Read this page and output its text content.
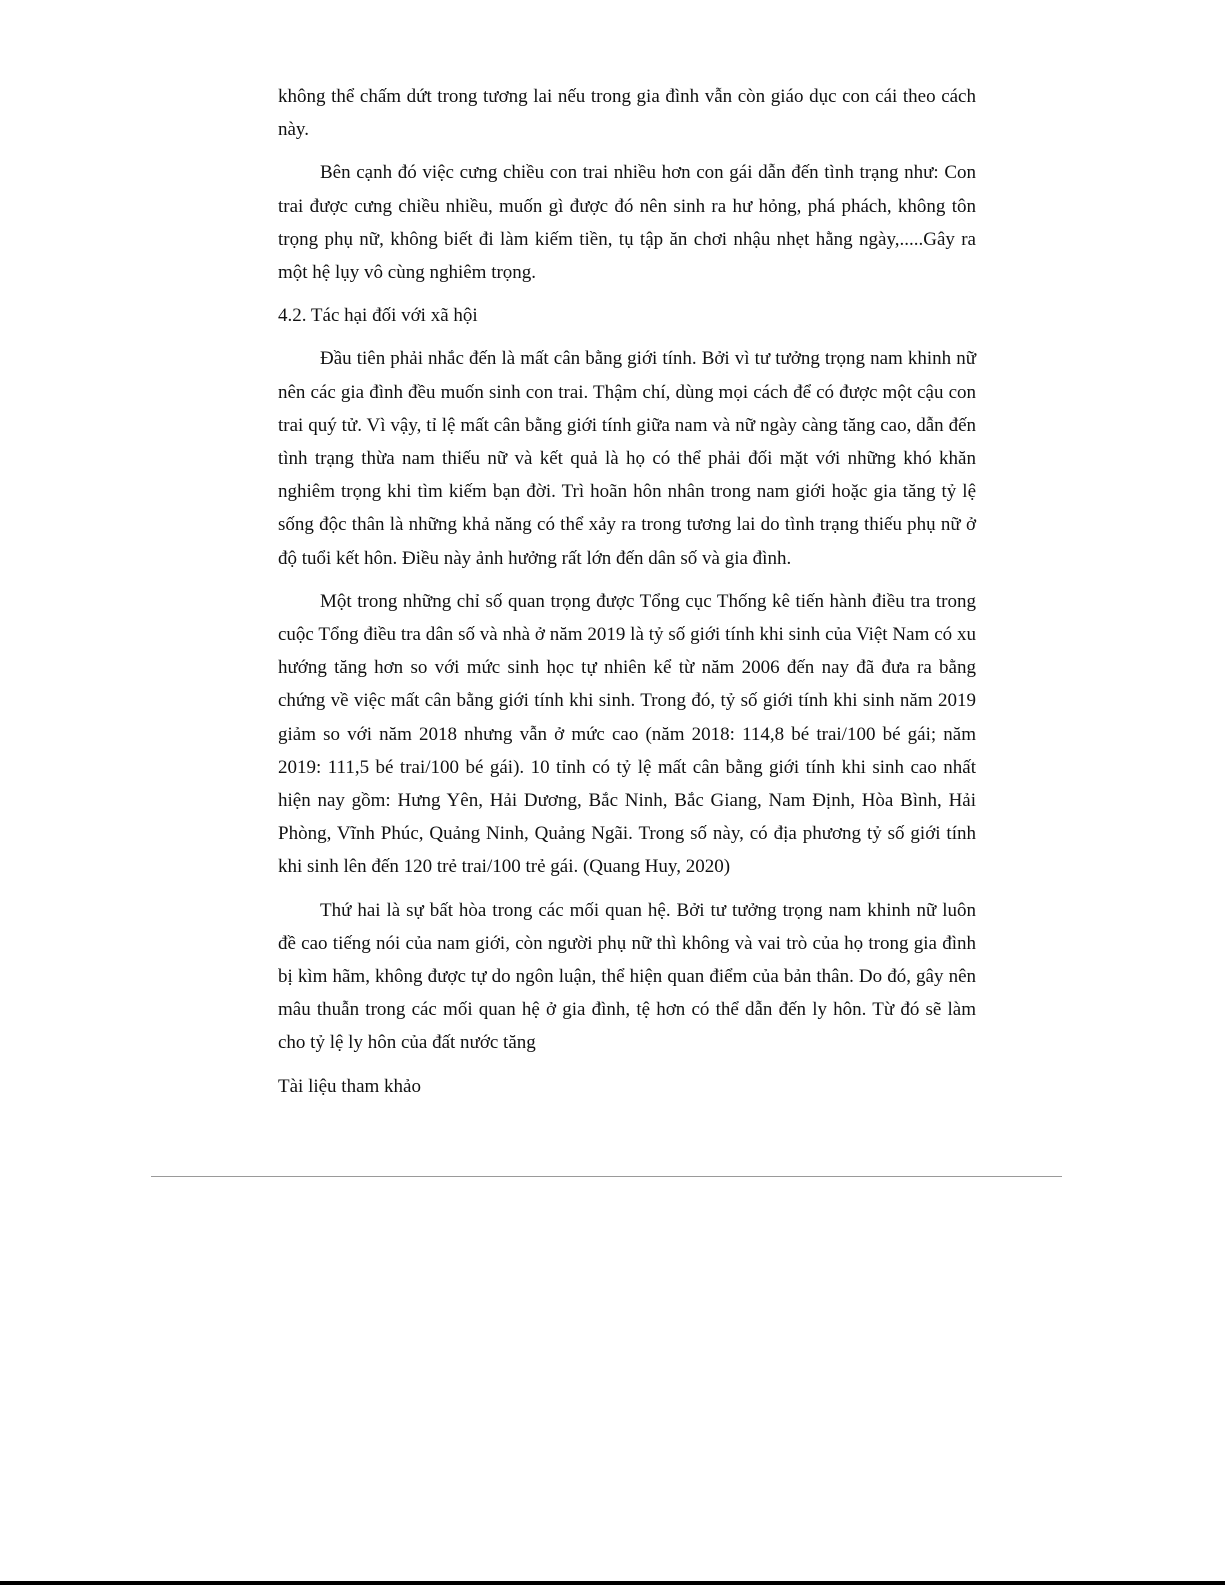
không thể chấm dứt trong tương lai nếu trong gia đình vẫn còn giáo dục con cái theo cách này.

Bên cạnh đó việc cưng chiều con trai nhiều hơn con gái dẫn đến tình trạng như: Con trai được cưng chiều nhiều, muốn gì được đó nên sinh ra hư hỏng, phá phách, không tôn trọng phụ nữ, không biết đi làm kiếm tiền, tụ tập ăn chơi nhậu nhẹt hằng ngày,.....Gây ra một hệ lụy vô cùng nghiêm trọng.

4.2. Tác hại đối với xã hội

Đầu tiên phải nhắc đến là mất cân bằng giới tính. Bởi vì tư tưởng trọng nam khinh nữ nên các gia đình đều muốn sinh con trai. Thậm chí, dùng mọi cách để có được một cậu con trai quý tử. Vì vậy, tỉ lệ mất cân bằng giới tính giữa nam và nữ ngày càng tăng cao, dẫn đến tình trạng thừa nam thiếu nữ và kết quả là họ có thể phải đối mặt với những khó khăn nghiêm trọng khi tìm kiếm bạn đời. Trì hoãn hôn nhân trong nam giới hoặc gia tăng tỷ lệ sống độc thân là những khả năng có thể xảy ra trong tương lai do tình trạng thiếu phụ nữ ở độ tuổi kết hôn. Điều này ảnh hưởng rất lớn đến dân số và gia đình.

Một trong những chỉ số quan trọng được Tổng cục Thống kê tiến hành điều tra trong cuộc Tổng điều tra dân số và nhà ở năm 2019 là tỷ số giới tính khi sinh của Việt Nam có xu hướng tăng hơn so với mức sinh học tự nhiên kể từ năm 2006 đến nay đã đưa ra bằng chứng về việc mất cân bằng giới tính khi sinh. Trong đó, tỷ số giới tính khi sinh năm 2019 giảm so với năm 2018 nhưng vẫn ở mức cao (năm 2018: 114,8 bé trai/100 bé gái; năm 2019: 111,5 bé trai/100 bé gái). 10 tỉnh có tỷ lệ mất cân bằng giới tính khi sinh cao nhất hiện nay gồm: Hưng Yên, Hải Dương, Bắc Ninh, Bắc Giang, Nam Định, Hòa Bình, Hải Phòng, Vĩnh Phúc, Quảng Ninh, Quảng Ngãi. Trong số này, có địa phương tỷ số giới tính khi sinh lên đến 120 trẻ trai/100 trẻ gái. (Quang Huy, 2020)

Thứ hai là sự bất hòa trong các mối quan hệ. Bởi tư tưởng trọng nam khinh nữ luôn đề cao tiếng nói của nam giới, còn người phụ nữ thì không và vai trò của họ trong gia đình bị kìm hãm, không được tự do ngôn luận, thể hiện quan điểm của bản thân. Do đó, gây nên mâu thuẫn trong các mối quan hệ ở gia đình, tệ hơn có thể dẫn đến ly hôn. Từ đó sẽ làm cho tỷ lệ ly hôn của đất nước tăng

Tài liệu tham khảo
